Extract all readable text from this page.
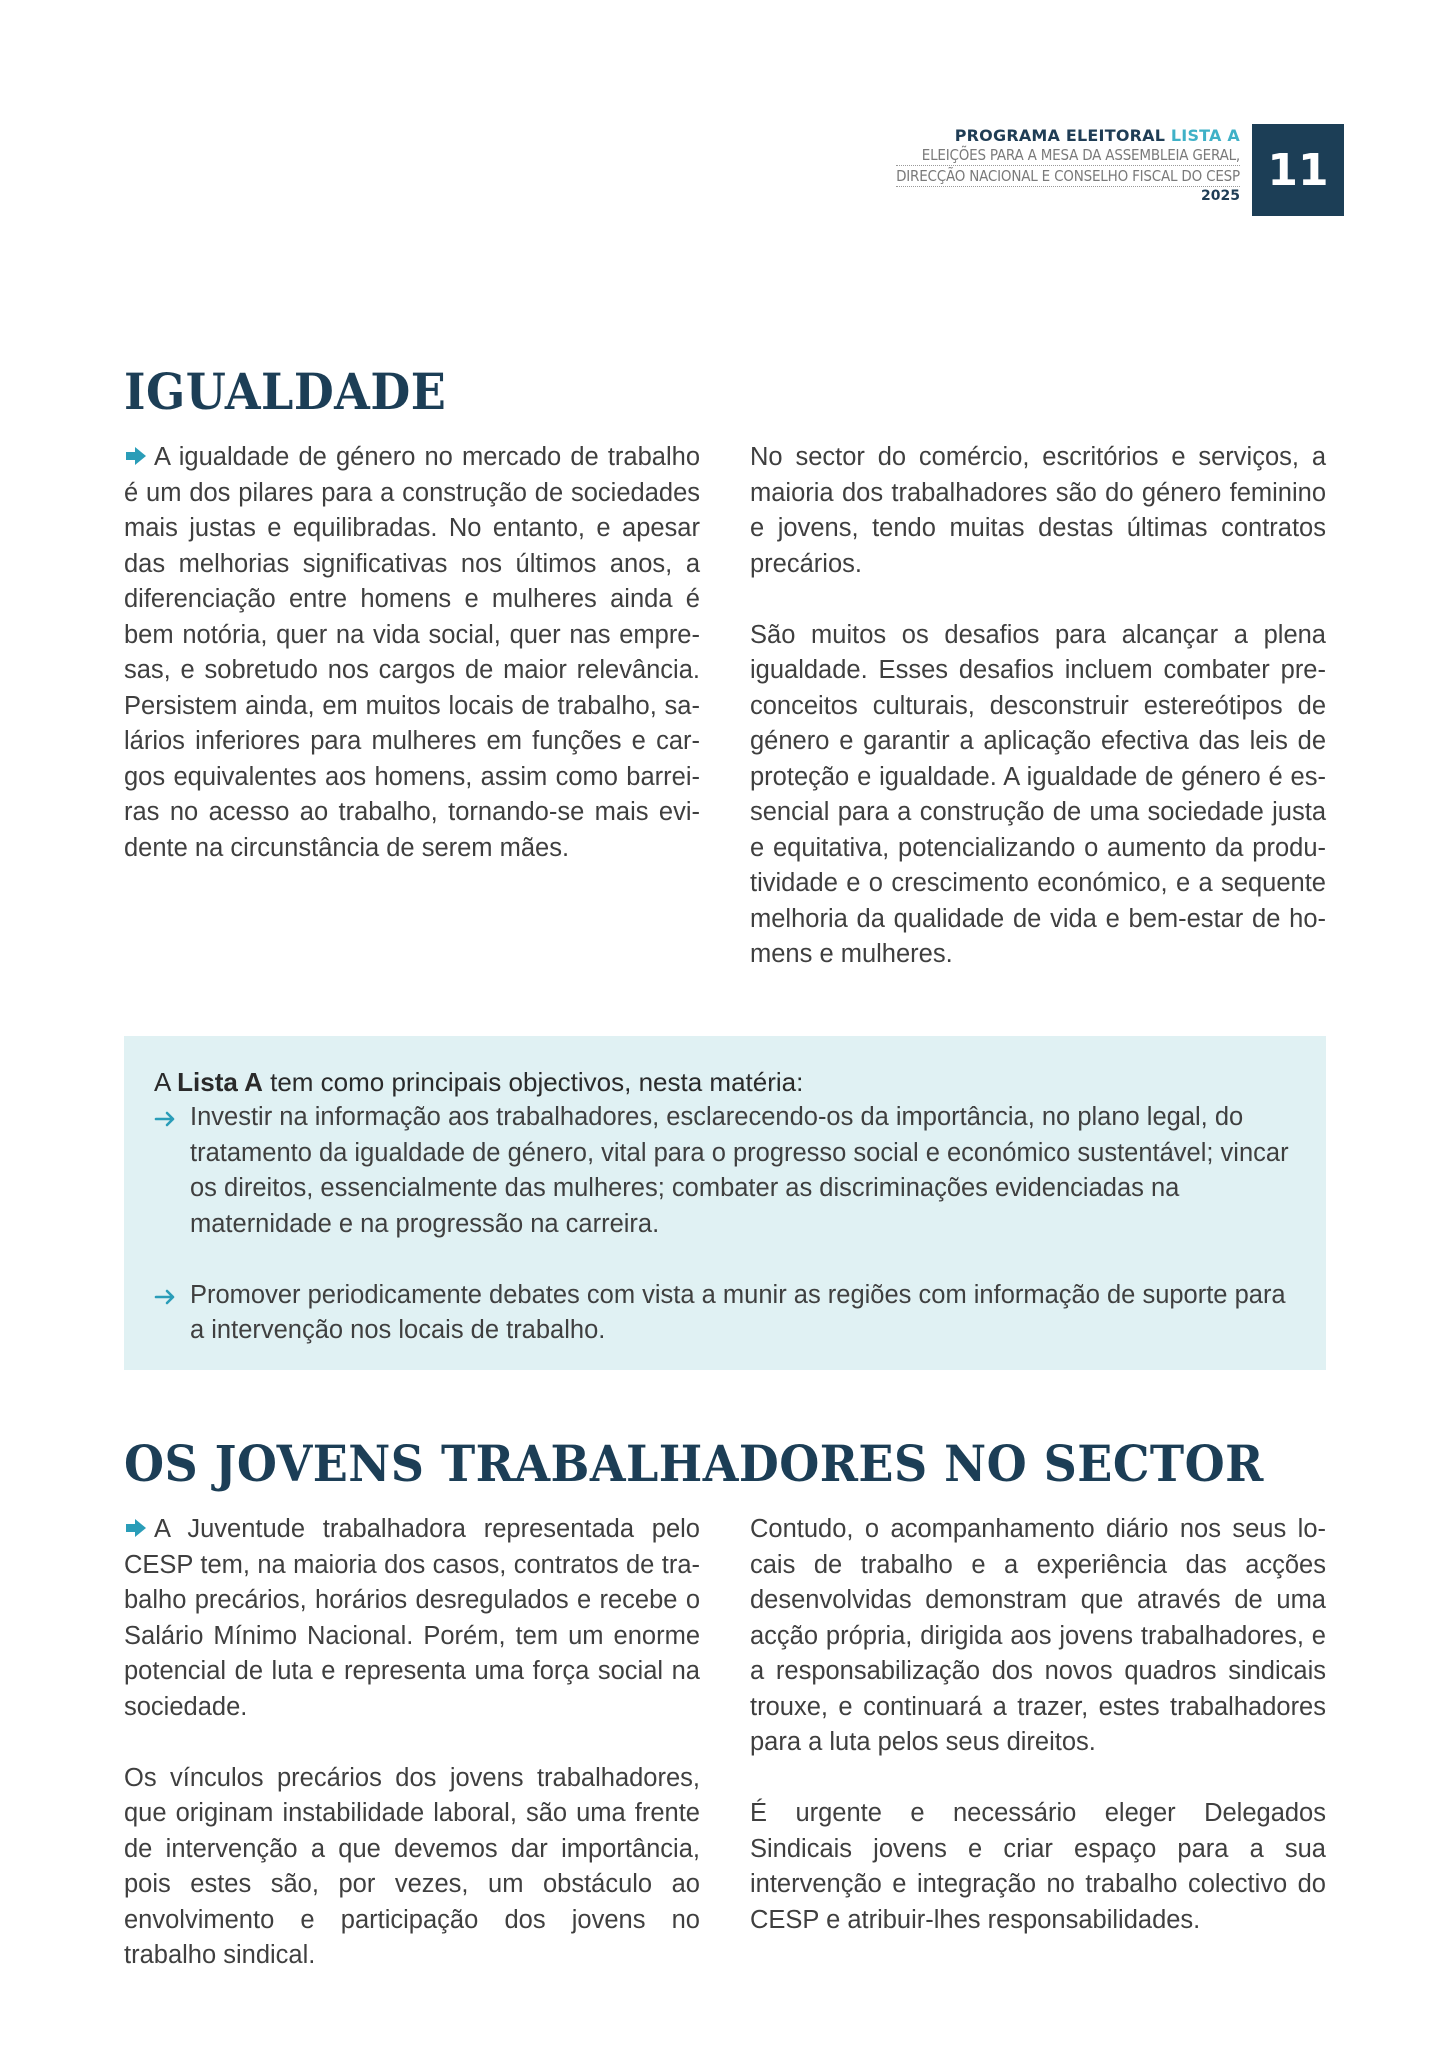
PROGRAMA ELEITORAL LISTA A
ELEIÇÕES PARA A MESA DA ASSEMBLEIA GERAL,
DIRECÇÃO NACIONAL E CONSELHO FISCAL DO CESP
2025
11
IGUALDADE

A igualdade de género no mercado de trabalho é um dos pilares para a construção de sociedades mais justas e equilibradas. No entanto, e apesar das melhorias significativas nos últimos anos, a diferenciação entre homens e mulheres ainda é bem notória, quer na vida social, quer nas empresas, e sobretudo nos cargos de maior relevância. Persistem ainda, em muitos locais de trabalho, salários inferiores para mulheres em funções e cargos equivalentes aos homens, assim como barreiras no acesso ao trabalho, tornando-se mais evidente na circunstância de serem mães.

No sector do comércio, escritórios e serviços, a maioria dos trabalhadores são do género feminino e jovens, tendo muitas destas últimas contratos precários.

São muitos os desafios para alcançar a plena igualdade. Esses desafios incluem combater preconceitos culturais, desconstruir estereótipos de género e garantir a aplicação efectiva das leis de proteção e igualdade. A igualdade de género é essencial para a construção de uma sociedade justa e equitativa, potencializando o aumento da produtividade e o crescimento económico, e a sequente melhoria da qualidade de vida e bem-estar de homens e mulheres.

A Lista A tem como principais objectivos, nesta matéria:
Investir na informação aos trabalhadores, esclarecendo-os da importância, no plano legal, do tratamento da igualdade de género, vital para o progresso social e económico sustentável; vincar os direitos, essencialmente das mulheres; combater as discriminações evidenciadas na maternidade e na progressão na carreira.
Promover periodicamente debates com vista a munir as regiões com informação de suporte para a intervenção nos locais de trabalho.
OS JOVENS TRABALHADORES NO SECTOR

A Juventude trabalhadora representada pelo CESP tem, na maioria dos casos, contratos de trabalho precários, horários desregulados e recebe o Salário Mínimo Nacional. Porém, tem um enorme potencial de luta e representa uma força social na sociedade.

Os vínculos precários dos jovens trabalhadores, que originam instabilidade laboral, são uma frente de intervenção a que devemos dar importância, pois estes são, por vezes, um obstáculo ao envolvimento e participação dos jovens no trabalho sindical.

Contudo, o acompanhamento diário nos seus locais de trabalho e a experiência das acções desenvolvidas demonstram que através de uma acção própria, dirigida aos jovens trabalhadores, e a responsabilização dos novos quadros sindicais trouxe, e continuará a trazer, estes trabalhadores para a luta pelos seus direitos.

É urgente e necessário eleger Delegados Sindicais jovens e criar espaço para a sua intervenção e integração no trabalho colectivo do CESP e atribuir-lhes responsabilidades.
